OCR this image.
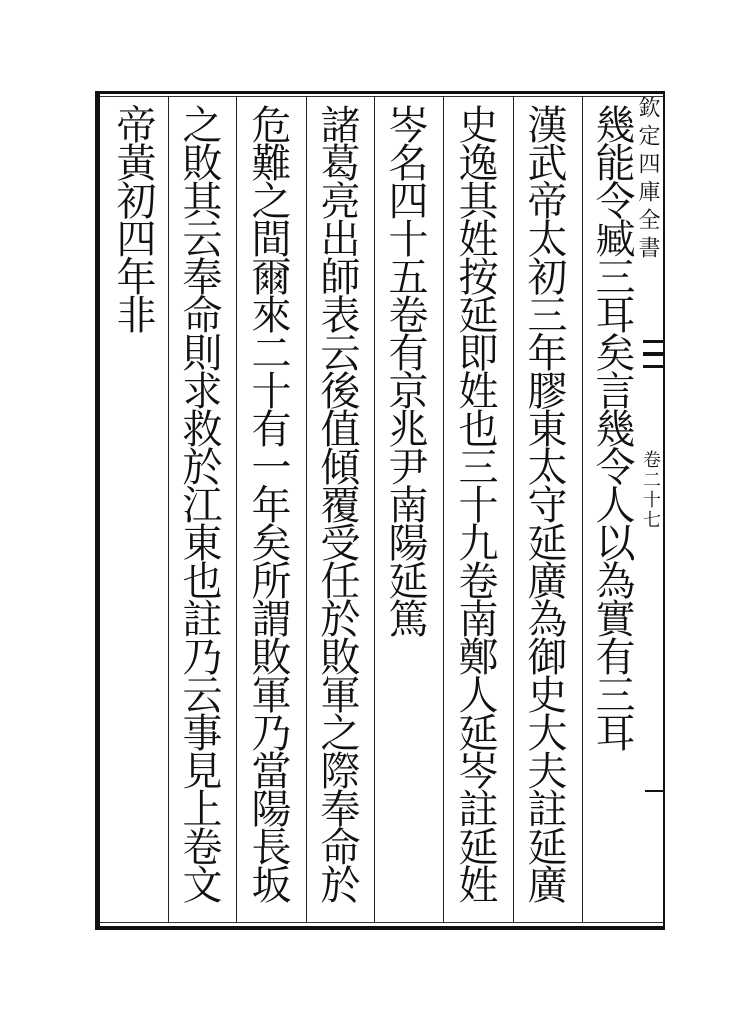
幾能令臧三耳矣言幾令人以為實有三耳
漢武帝太初三年膠東太守延廣為御史大夫註延廣
史逸其姓按延即姓也三十九卷南鄭人延岑註延姓
岑名四十五卷有京兆尹南陽延篤
諸葛亮出師表云後值傾覆受任於敗軍之際奉命於
危難之間爾來二十有一年矣所謂敗軍乃當陽長坂
之敗其云奉命則求救於江東也註乃云事見上卷文
帝黃初四年非	欽定四庫全書
卷二十七
